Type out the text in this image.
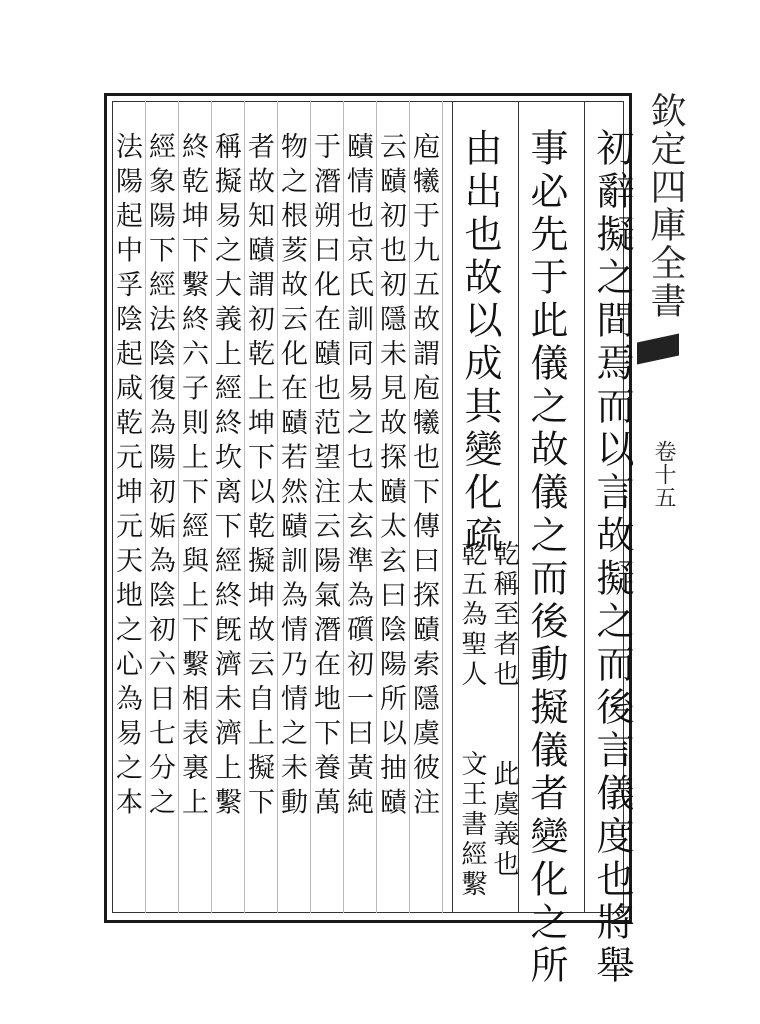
欽定四庫全書
卷十五
初辭擬之間焉而以言故擬之而後言儀度也將舉
事必先于此儀之故儀之而後動擬儀者變化之所
由出也故以成其變化疏
乾稱至者也
乾五為聖人
此虞義也
文王書經繫
庖犧于九五故謂庖犧也下傳曰探賾索隱虞彼注
云賾初也初隱未見故探賾太玄曰陰陽所以抽賾
賾情也京氏訓同易之乜太玄準為礩初一曰黃純
于潛朔曰化在賾也范望注云陽氣潛在地下養萬
物之根荄故云化在賾若然賾訓為情乃情之未動
者故知賾謂初乾上坤下以乾擬坤故云自上擬下
稱擬易之大義上經終坎离下經終旣濟未濟上繫
終乾坤下繫終六子則上下經與上下繫相表裏上
經象陽下經法陰復為陽初姤為陰初六日七分之
法陽起中孚陰起咸乾元坤元天地之心為易之本
